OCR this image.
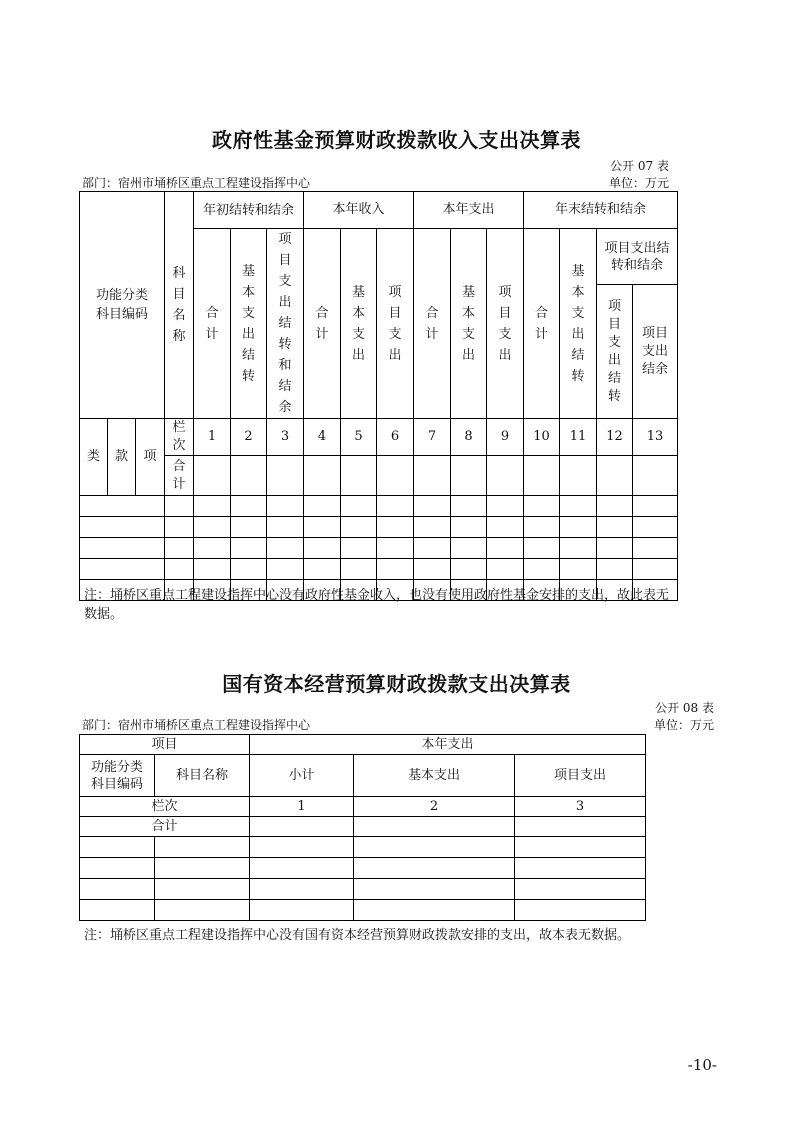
政府性基金预算财政拨款收入支出决算表
公开 07 表
部门：宿州市埇桥区重点工程建设指挥中心	单位：万元
功能分类科目编码			科目名称	年初结转和结余			本年收入			本年支出			年末结转和结余			
				合计	基本支出结转	项目支出结转和结余	合计	基本支出	项目支出	合计	基本支出	项目支出	合计	基本支出结转	项目支出结转和结余	
															项目支出结转	项目支出结余

类	款	项	栏次	1	2	3	4	5	6	7	8	9	10	11	12	13
			合计													

注：埇桥区重点工程建设指挥中心没有政府性基金收入，也没有使用政府性基金安排的支出，故此表无数据。
国有资本经营预算财政拨款支出决算表
公开 08 表
部门：宿州市埇桥区重点工程建设指挥中心	单位：万元
项目		本年支出		
功能分类科目编码	科目名称	小计	基本支出	项目支出
栏次		1	2	3
合计				

注：埇桥区重点工程建设指挥中心没有国有资本经营预算财政拨款安排的支出，故本表无数据。
-10-
